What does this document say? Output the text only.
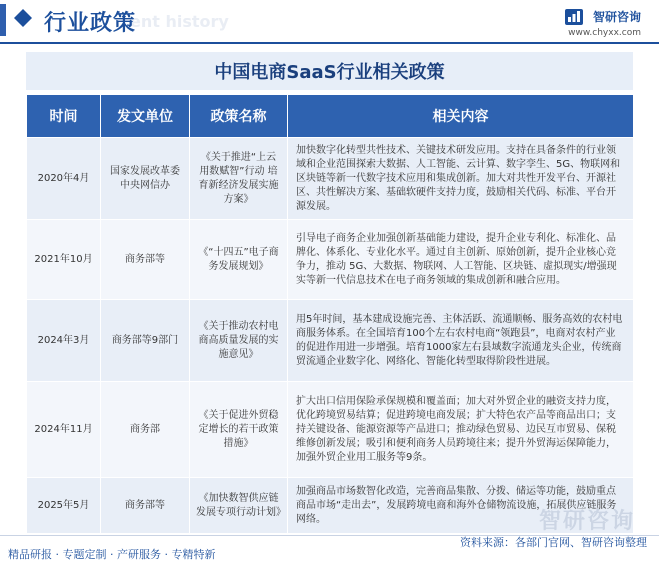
ent history
行业政策	智研咨询
www.chyxx.com
中国电商SaaS行业相关政策
时间	发文单位	政策名称	相关内容
2020年4月	国家发展改革委 中央网信办	《关于推进“上云用数赋智”行动 培育新经济发展实施方案》	加快数字化转型共性技术、关键技术研发应用。支持在具备条件的行业领域和企业范围探索大数据、人工智能、云计算、数字孪生、5G、物联网和区块链等新一代数字技术应用和集成创新。加大对共性开发平台、开源社区、共性解决方案、基础软硬件支持力度，鼓励相关代码、标准、平台开源发展。
2021年10月	商务部等	《“十四五”电子商务发展规划》	引导电子商务企业加强创新基础能力建设，提升企业专利化、标准化、品牌化、体系化、专业化水平。通过自主创新、原始创新，提升企业核心竞争力，推动 5G、大数据、物联网、人工智能、区块链、虚拟现实/增强现实等新一代信息技术在电子商务领域的集成创新和融合应用。
2024年3月	商务部等9部门	《关于推动农村电商高质量发展的实施意见》	用5年时间，基本建成设施完善、主体活跃、流通顺畅、服务高效的农村电商服务体系。在全国培育100个左右农村电商“领跑县”，电商对农村产业的促进作用进一步增强。培育1000家左右县域数字流通龙头企业，传统商贸流通企业数字化、网络化、智能化转型取得阶段性进展。
2024年11月	商务部	《关于促进外贸稳定增长的若干政策措施》	扩大出口信用保险承保规模和覆盖面；加大对外贸企业的融资支持力度，优化跨境贸易结算；促进跨境电商发展；扩大特色农产品等商品出口；支持关键设备、能源资源等产品进口；推动绿色贸易、边民互市贸易、保税维修创新发展；吸引和便利商务人员跨境往来；提升外贸海运保障能力，加强外贸企业用工服务等9条。
2025年5月	商务部等	《加快数智供应链发展专项行动计划》	加强商品市场数智化改造，完善商品集散、分拨、储运等功能，鼓励重点商品市场“走出去”，发展跨境电商和海外仓储物流设施，拓展供应链服务网络。	智研咨询
资料来源：各部门官网、智研咨询整理
精品研报 · 专题定制 · 产研服务 · 专精特新
